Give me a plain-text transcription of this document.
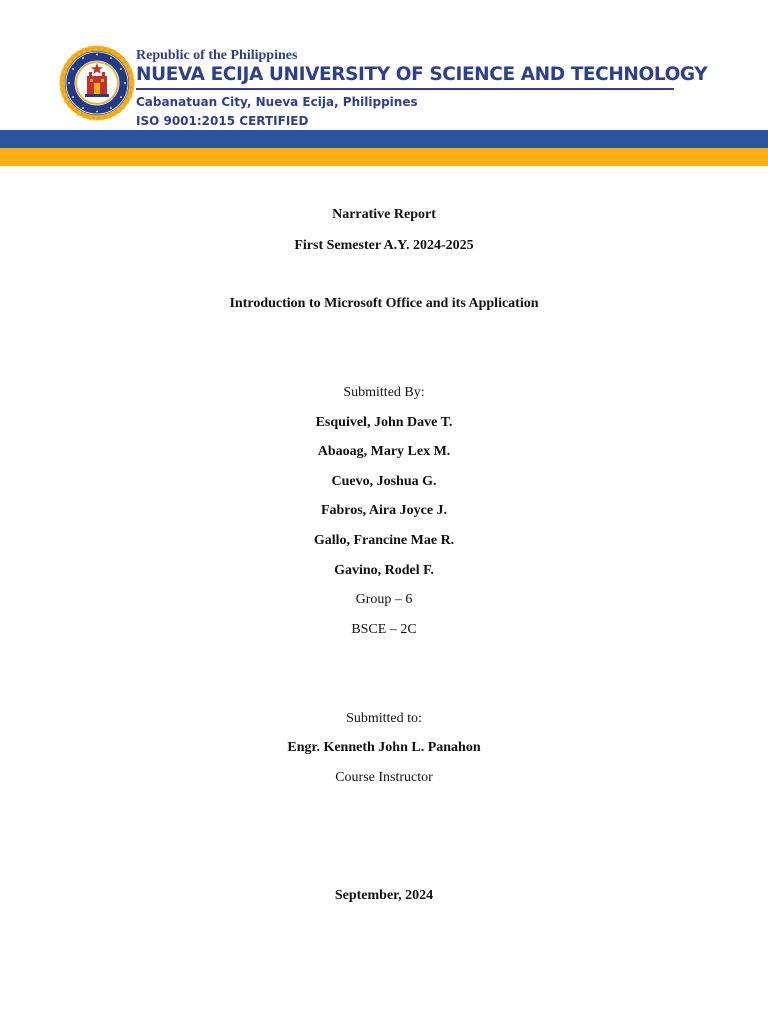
Republic of the Philippines
NUEVA ECIJA UNIVERSITY OF SCIENCE AND TECHNOLOGY
Cabanatuan City, Nueva Ecija, Philippines
ISO 9001:2015 CERTIFIED
Narrative Report
First Semester A.Y. 2024-2025
Introduction to Microsoft Office and its Application
Submitted By:
Esquivel, John Dave T.
Abaoag, Mary Lex M.
Cuevo, Joshua G.
Fabros, Aira Joyce J.
Gallo, Francine Mae R.
Gavino, Rodel F.
Group – 6
BSCE – 2C
Submitted to:
Engr. Kenneth John L. Panahon
Course Instructor
September, 2024
